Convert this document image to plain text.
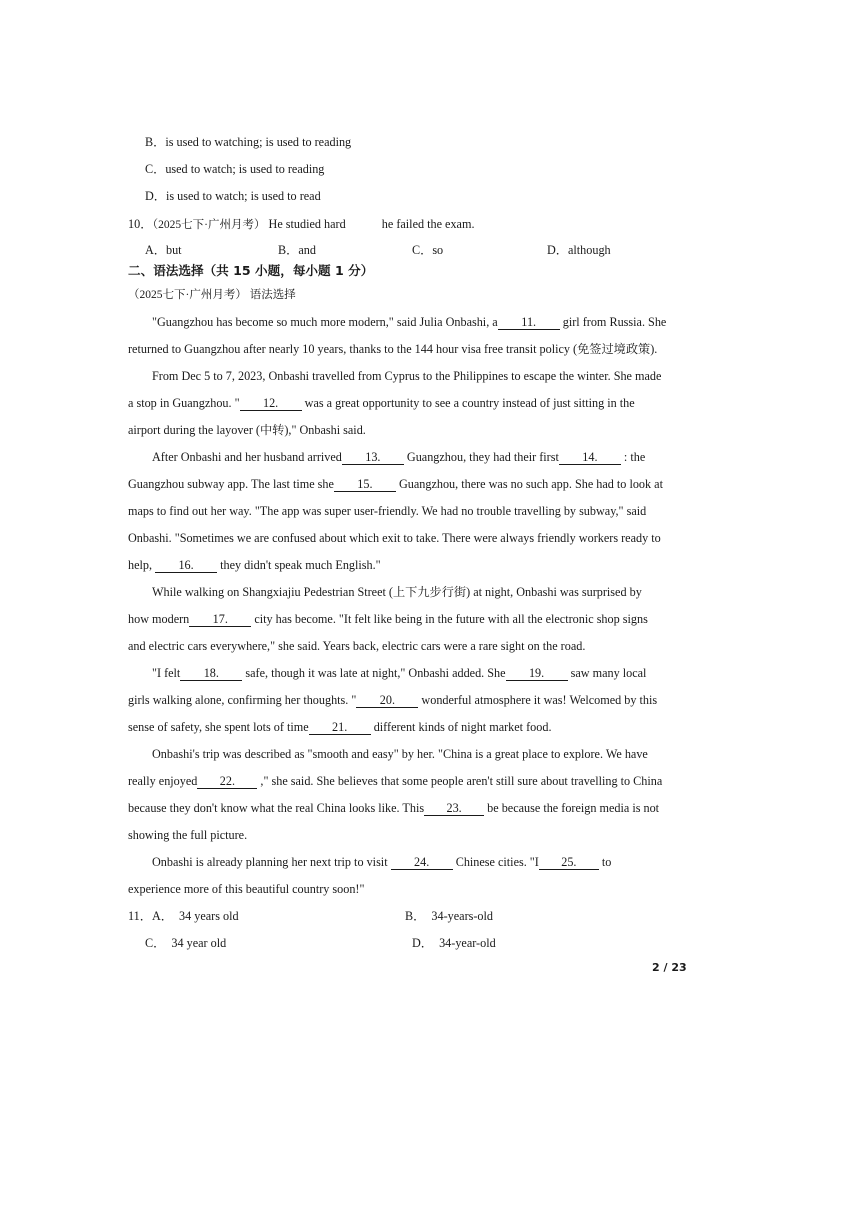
B．is used to watching; is used to reading
C．used to watch; is used to reading
D．is used to watch; is used to read
10．（2025七下·广州月考） He studied hard	he failed the exam.
A．but	B．and	C．so	D．although
二、语法选择（共 15 小题，每小题 1 分）
（2025七下·广州月考） 语法选择
"Guangzhou has become so much more modern," said Julia Onbashi, a 11. girl from Russia. She
returned to Guangzhou after nearly 10 years, thanks to the 144 hour visa free transit policy (免签过境政策).
From Dec 5 to 7, 2023, Onbashi travelled from Cyprus to the Philippines to escape the winter. She made
a stop in Guangzhou. " 12. was a great opportunity to see a country instead of just sitting in the
airport during the layover (中转)," Onbashi said.
After Onbashi and her husband arrived 13. Guangzhou, they had their first 14. : the
Guangzhou subway app. The last time she 15. Guangzhou, there was no such app. She had to look at
maps to find out her way. "The app was super user-friendly. We had no trouble travelling by subway," said
Onbashi. "Sometimes we are confused about which exit to take. There were always friendly workers ready to
help, 16. they didn't speak much English."
While walking on Shangxiajiu Pedestrian Street (上下九步行街) at night, Onbashi was surprised by
how modern 17. city has become. "It felt like being in the future with all the electronic shop signs
and electric cars everywhere," she said. Years back, electric cars were a rare sight on the road.
"I felt 18. safe, though it was late at night," Onbashi added. She 19. saw many local
girls walking alone, confirming her thoughts. " 20. wonderful atmosphere it was! Welcomed by this
sense of safety, she spent lots of time 21. different kinds of night market food.
Onbashi's trip was described as "smooth and easy" by her. "China is a great place to explore. We have
really enjoyed 22. ," she said. She believes that some people aren't still sure about travelling to China
because they don't know what the real China looks like. This 23. be because the foreign media is not
showing the full picture.
Onbashi is already planning her next trip to visit 24. Chinese cities. "I 25. to
experience more of this beautiful country soon!"
11．A．  34 years old	B．  34-years-old
C．  34 year old	D．  34-year-old
2 / 23
